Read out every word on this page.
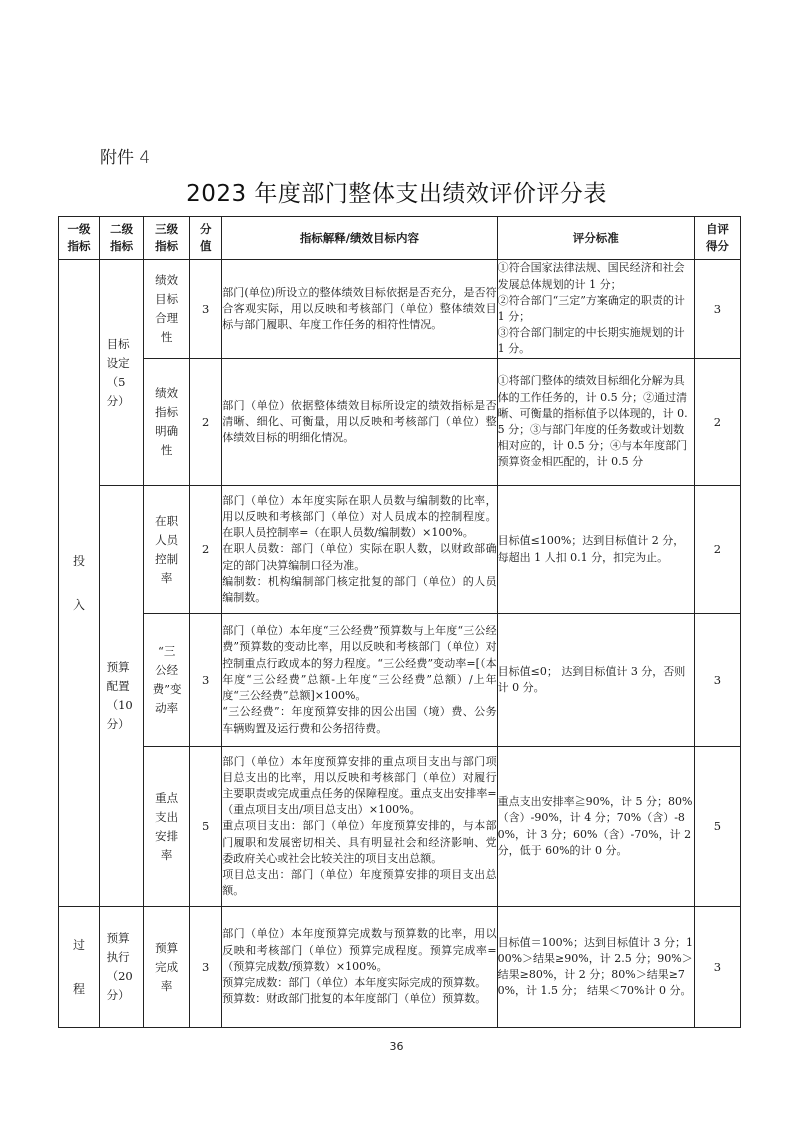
附件 4
2023 年度部门整体支出绩效评价评分表
一级指标	二级指标	三级指标	分值	指标解释/绩效目标内容	评分标准	自评得分

投入	目标设定（5分）	绩效目标合理性	3	部门(单位)所设立的整体绩效目标依据是否充分，是否符合客观实际，用以反映和考核部门（单位）整体绩效目标与部门履职、年度工作任务的相符性情况。	①符合国家法律法规、国民经济和社会发展总体规划的计 1 分；
②符合部门“三定”方案确定的职责的计 1 分；
③符合部门制定的中长期实施规划的计 1 分。	3

		绩效指标明确性	2	部门（单位）依据整体绩效目标所设定的绩效指标是否清晰、细化、可衡量，用以反映和考核部门（单位）整体绩效目标的明细化情况。	①将部门整体的绩效目标细化分解为具体的工作任务的，计 0.5 分；②通过清晰、可衡量的指标值予以体现的，计 0.5 分；③与部门年度的任务数或计划数相对应的，计 0.5 分；④与本年度部门预算资金相匹配的，计 0.5 分	2

	预算配置（10分）	在职人员控制率	2	部门（单位）本年度实际在职人员数与编制数的比率，用以反映和考核部门（单位）对人员成本的控制程度。在职人员控制率=（在职人员数/编制数）×100%。
在职人员数：部门（单位）实际在职人数，以财政部确定的部门决算编制口径为准。
编制数：机构编制部门核定批复的部门（单位）的人员编制数。	目标值≤100%；达到目标值计 2 分，每超出 1 人扣 0.1 分，扣完为止。	2

		“三公经费”变动率	3	部门（单位）本年度“三公经费”预算数与上年度“三公经费”预算数的变动比率，用以反映和考核部门（单位）对控制重点行政成本的努力程度。“三公经费”变动率=[（本年度“三公经费”总额-上年度“三公经费”总额）/上年度“三公经费”总额]×100%。
“三公经费”：年度预算安排的因公出国（境）费、公务车辆购置及运行费和公务招待费。	目标值≤0； 达到目标值计 3 分，否则计 0 分。	3

		重点支出安排率	5	部门（单位）本年度预算安排的重点项目支出与部门项目总支出的比率，用以反映和考核部门（单位）对履行主要职责或完成重点任务的保障程度。重点支出安排率=（重点项目支出/项目总支出）×100%。
重点项目支出：部门（单位）年度预算安排的，与本部门履职和发展密切相关、具有明显社会和经济影响、党委政府关心或社会比较关注的项目支出总额。
项目总支出：部门（单位）年度预算安排的项目支出总额。	重点支出安排率≧90%，计 5 分；80%（含）-90%，计 4 分；70%（含）-80%，计 3 分；60%（含）-70%，计 2 分，低于 60%的计 0 分。	5

过程	预算执行（20分）	预算完成率	3	部门（单位）本年度预算完成数与预算数的比率，用以反映和考核部门（单位）预算完成程度。预算完成率=（预算完成数/预算数）×100%。
预算完成数：部门（单位）本年度实际完成的预算数。
预算数：财政部门批复的本年度部门（单位）预算数。	目标值＝100%；达到目标值计 3 分；100%＞结果≥90%，计 2.5 分；90%＞结果≥80%，计 2 分；80%＞结果≥70%，计 1.5 分； 结果＜70%计 0 分。	3
36
